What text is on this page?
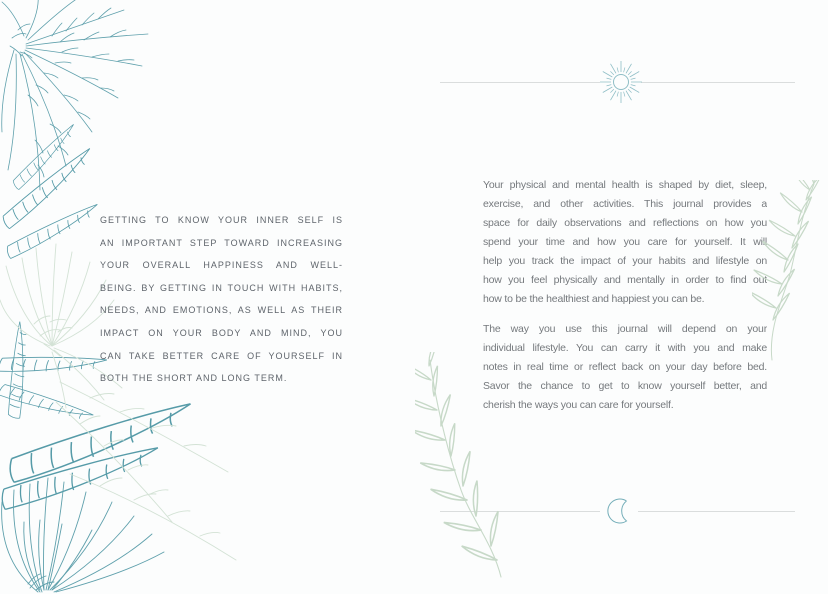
GETTING TO KNOW YOUR INNER SELF IS
AN IMPORTANT STEP TOWARD INCREASING
YOUR OVERALL HAPPINESS AND WELL-
BEING. BY GETTING IN TOUCH WITH HABITS,
NEEDS, AND EMOTIONS, AS WELL AS THEIR
IMPACT ON YOUR BODY AND MIND, YOU
CAN TAKE BETTER CARE OF YOURSELF IN
BOTH THE SHORT AND LONG TERM.
Your physical and mental health is shaped by diet, sleep,
exercise, and other activities. This journal provides a
space for daily observations and reflections on how you
spend your time and how you care for yourself. It will
help you track the impact of your habits and lifestyle on
how you feel physically and mentally in order to find out
how to be the healthiest and happiest you can be.
The way you use this journal will depend on your
individual lifestyle. You can carry it with you and make
notes in real time or reflect back on your day before bed.
Savor the chance to get to know yourself better, and
cherish the ways you can care for yourself.
